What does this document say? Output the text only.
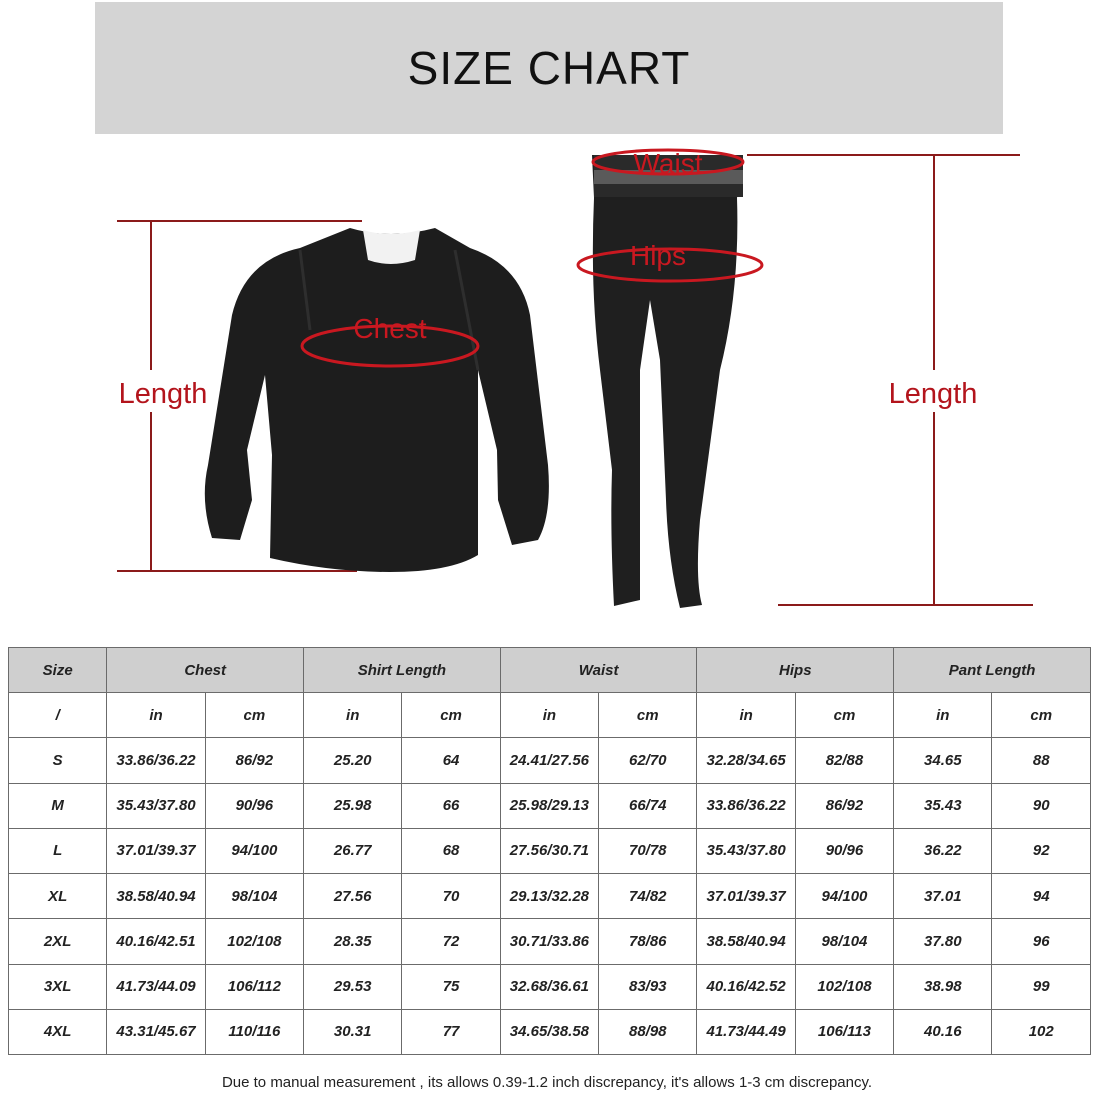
SIZE CHART
Length	Length
Chest
Waist
Hips
Size	Chest		Shirt Length		Waist		Hips		Pant Length	
/	in	cm	in	cm	in	cm	in	cm	in	cm
S	33.86/36.22	86/92	25.20	64	24.41/27.56	62/70	32.28/34.65	82/88	34.65	88
M	35.43/37.80	90/96	25.98	66	25.98/29.13	66/74	33.86/36.22	86/92	35.43	90
L	37.01/39.37	94/100	26.77	68	27.56/30.71	70/78	35.43/37.80	90/96	36.22	92
XL	38.58/40.94	98/104	27.56	70	29.13/32.28	74/82	37.01/39.37	94/100	37.01	94
2XL	40.16/42.51	102/108	28.35	72	30.71/33.86	78/86	38.58/40.94	98/104	37.80	96
3XL	41.73/44.09	106/112	29.53	75	32.68/36.61	83/93	40.16/42.52	102/108	38.98	99
4XL	43.31/45.67	110/116	30.31	77	34.65/38.58	88/98	41.73/44.49	106/113	40.16	102
Due to manual measurement , its allows 0.39-1.2 inch discrepancy, it's allows 1-3 cm discrepancy.
